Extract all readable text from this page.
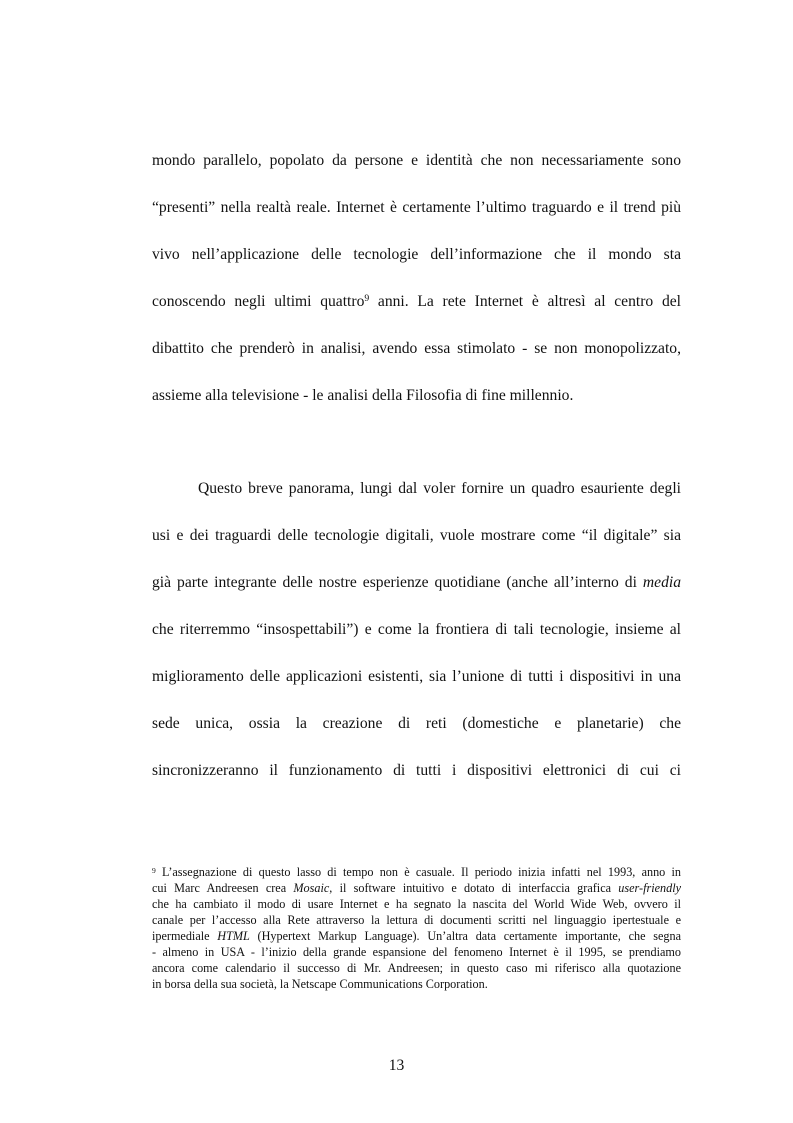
mondo parallelo, popolato da persone e identità che non necessariamente sono
“presenti” nella realtà reale. Internet è certamente l’ultimo traguardo e il trend più
vivo nell’applicazione delle tecnologie dell’informazione che il mondo sta
conoscendo negli ultimi quattro$^9$ anni. La rete Internet è altresì al centro del
dibattito che prenderò in analisi, avendo essa stimolato - se non monopolizzato,
assieme alla televisione - le analisi della Filosofia di fine millennio.
Questo breve panorama, lungi dal voler fornire un quadro esauriente degli
usi e dei traguardi delle tecnologie digitali, vuole mostrare come “il digitale” sia
già parte integrante delle nostre esperienze quotidiane (anche all’interno di media
che riterremmo “insospettabili”) e come la frontiera di tali tecnologie, insieme al
miglioramento delle applicazioni esistenti, sia l’unione di tutti i dispositivi in una
sede unica, ossia la creazione di reti (domestiche e planetarie) che
sincronizzeranno il funzionamento di tutti i dispositivi elettronici di cui ci
$^9$ L’assegnazione di questo lasso di tempo non è casuale. Il periodo inizia infatti nel 1993, anno in
cui Marc Andreesen crea Mosaic, il software intuitivo e dotato di interfaccia grafica user-friendly
che ha cambiato il modo di usare Internet e ha segnato la nascita del World Wide Web, ovvero il
canale per l’accesso alla Rete attraverso la lettura di documenti scritti nel linguaggio ipertestuale e
ipermediale HTML (Hypertext Markup Language). Un’altra data certamente importante, che segna
- almeno in USA - l’inizio della grande espansione del fenomeno Internet è il 1995, se prendiamo
ancora come calendario il successo di Mr. Andreesen; in questo caso mi riferisco alla quotazione
in borsa della sua società, la Netscape Communications Corporation.
13
